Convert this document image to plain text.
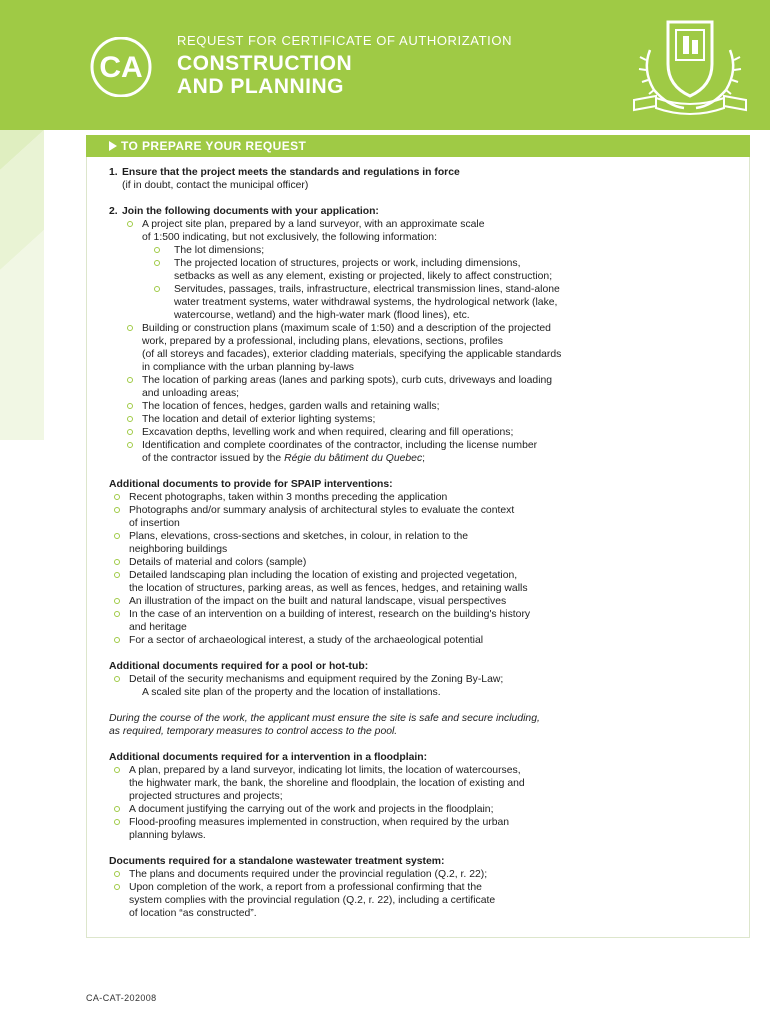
CA
REQUEST FOR CERTIFICATE OF AUTHORIZATION
CONSTRUCTION
AND PLANNING
TO PREPARE YOUR REQUEST
1. Ensure that the project meets the standards and regulations in force
(if in doubt, contact the municipal officer)
2. Join the following documents with your application:
A project site plan, prepared by a land surveyor, with an approximate scale
of 1:500 indicating, but not exclusively, the following information:
The lot dimensions;
The projected location of structures, projects or work, including dimensions,
setbacks as well as any element, existing or projected, likely to affect construction;
Servitudes, passages, trails, infrastructure, electrical transmission lines, stand-alone
water treatment systems, water withdrawal systems, the hydrological network (lake,
watercourse, wetland) and the high-water mark (flood lines), etc.
Building or construction plans (maximum scale of 1:50) and a description of the projected
work, prepared by a professional, including plans, elevations, sections, profiles
(of all storeys and facades), exterior cladding materials, specifying the applicable standards
in compliance with the urban planning by-laws
The location of parking areas (lanes and parking spots), curb cuts, driveways and loading
and unloading areas;
The location of fences, hedges, garden walls and retaining walls;
The location and detail of exterior lighting systems;
Excavation depths, levelling work and when required, clearing and fill operations;
Identification and complete coordinates of the contractor, including the license number
of the contractor issued by the Régie du bâtiment du Quebec;
Additional documents to provide for SPAIP interventions:
Recent photographs, taken within 3 months preceding the application
Photographs and/or summary analysis of architectural styles to evaluate the context
of insertion
Plans, elevations, cross-sections and sketches, in colour, in relation to the
neighboring buildings
Details of material and colors (sample)
Detailed landscaping plan including the location of existing and projected vegetation,
the location of structures, parking areas, as well as fences, hedges, and retaining walls
An illustration of the impact on the built and natural landscape, visual perspectives
In the case of an intervention on a building of interest, research on the building's history
and heritage
For a sector of archaeological interest, a study of the archaeological potential
Additional documents required for a pool or hot-tub:
Detail of the security mechanisms and equipment required by the Zoning By-Law;
A scaled site plan of the property and the location of installations.
During the course of the work, the applicant must ensure the site is safe and secure including,
as required, temporary measures to control access to the pool.
Additional documents required for a intervention in a floodplain:
A plan, prepared by a land surveyor, indicating lot limits, the location of watercourses,
the highwater mark, the bank, the shoreline and floodplain, the location of existing and
projected structures and projects;
A document justifying the carrying out of the work and projects in the floodplain;
Flood-proofing measures implemented in construction, when required by the urban
planning bylaws.
Documents required for a standalone wastewater treatment system:
The plans and documents required under the provincial regulation (Q.2, r. 22);
Upon completion of the work, a report from a professional confirming that the
system complies with the provincial regulation (Q.2, r. 22), including a certificate
of location “as constructed”.
CA-CAT-202008
